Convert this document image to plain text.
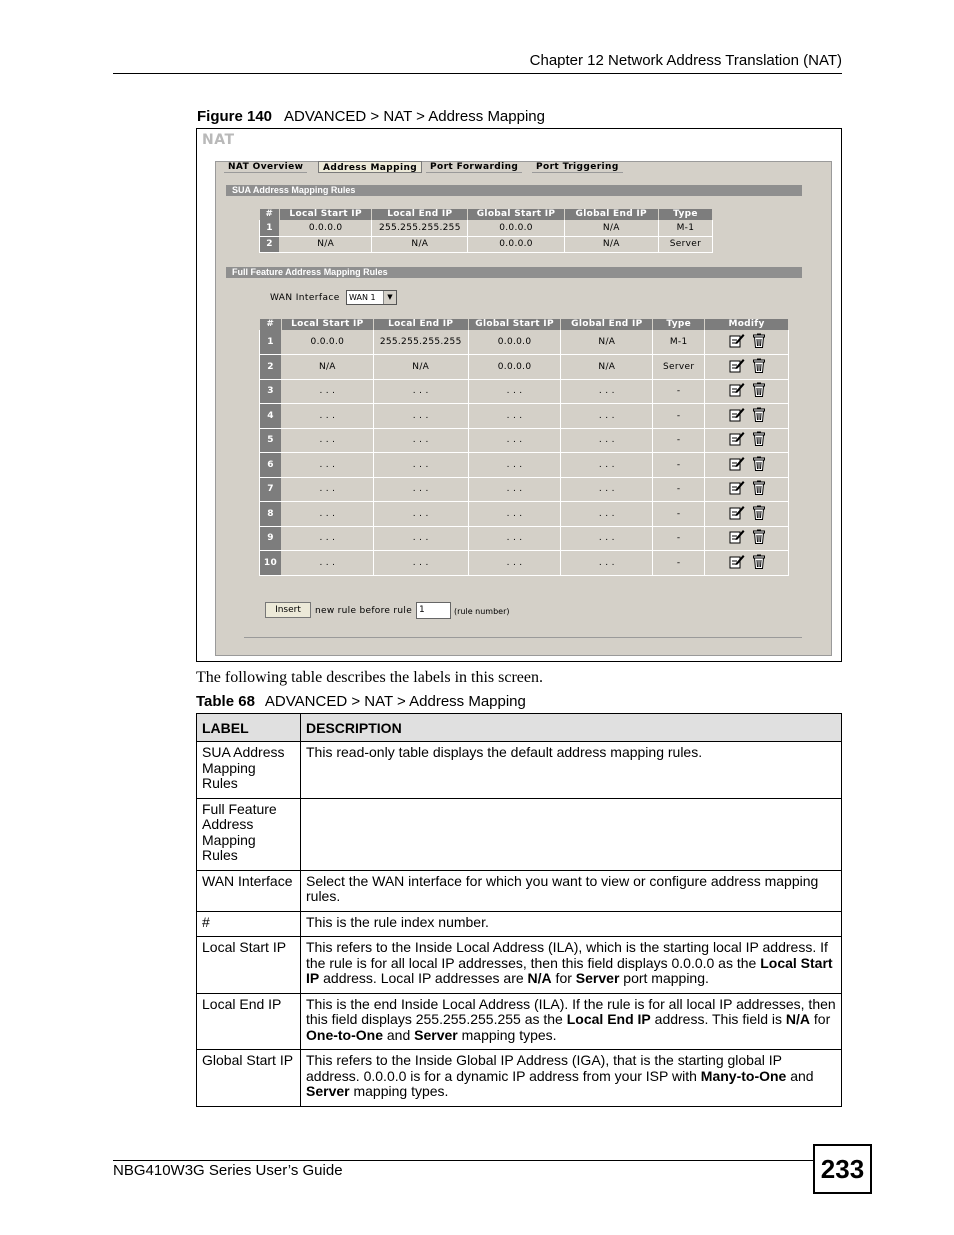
Chapter 12 Network Address Translation (NAT)
Figure 140 ADVANCED > NAT > Address Mapping
NAT
NAT Overview	Address Mapping	Port Forwarding	Port Triggering
SUA Address Mapping Rules
#	Local Start IP	Local End IP	Global Start IP	Global End IP	Type
1	0.0.0.0	255.255.255.255	0.0.0.0	N/A	M-1
2	N/A	N/A	0.0.0.0	N/A	Server
Full Feature Address Mapping Rules
WAN Interface	WAN 1	▼
#	Local Start IP	Local End IP	Global Start IP	Global End IP	Type	Modify
1	0.0.0.0	255.255.255.255	0.0.0.0	N/A	M-1	
2	N/A	N/A	0.0.0.0	N/A	Server	
3	. . .	. . .	. . .	. . .	-	
4	. . .	. . .	. . .	. . .	-	
5	. . .	. . .	. . .	. . .	-	
6	. . .	. . .	. . .	. . .	-	
7	. . .	. . .	. . .	. . .	-	
8	. . .	. . .	. . .	. . .	-	
9	. . .	. . .	. . .	. . .	-	
10	. . .	. . .	. . .	. . .	-	
Insert	new rule before rule 1	(rule number)
The following table describes the labels in this screen.
Table 68 ADVANCED > NAT > Address Mapping
LABEL	DESCRIPTION
SUA Address Mapping Rules	This read-only table displays the default address mapping rules.
Full Feature Address Mapping Rules	
WAN Interface	Select the WAN interface for which you want to view or configure address mapping rules.
#	This is the rule index number.
Local Start IP	This refers to the Inside Local Address (ILA), which is the starting local IP address. If the rule is for all local IP addresses, then this field displays 0.0.0.0 as the Local Start IP address. Local IP addresses are N/A for Server port mapping.
Local End IP	This is the end Inside Local Address (ILA). If the rule is for all local IP addresses, then this field displays 255.255.255.255 as the Local End IP address. This field is N/A for One-to-One and Server mapping types.
Global Start IP	This refers to the Inside Global IP Address (IGA), that is the starting global IP address. 0.0.0.0 is for a dynamic IP address from your ISP with Many-to-One and Server mapping types.
NBG410W3G Series User’s Guide	233
